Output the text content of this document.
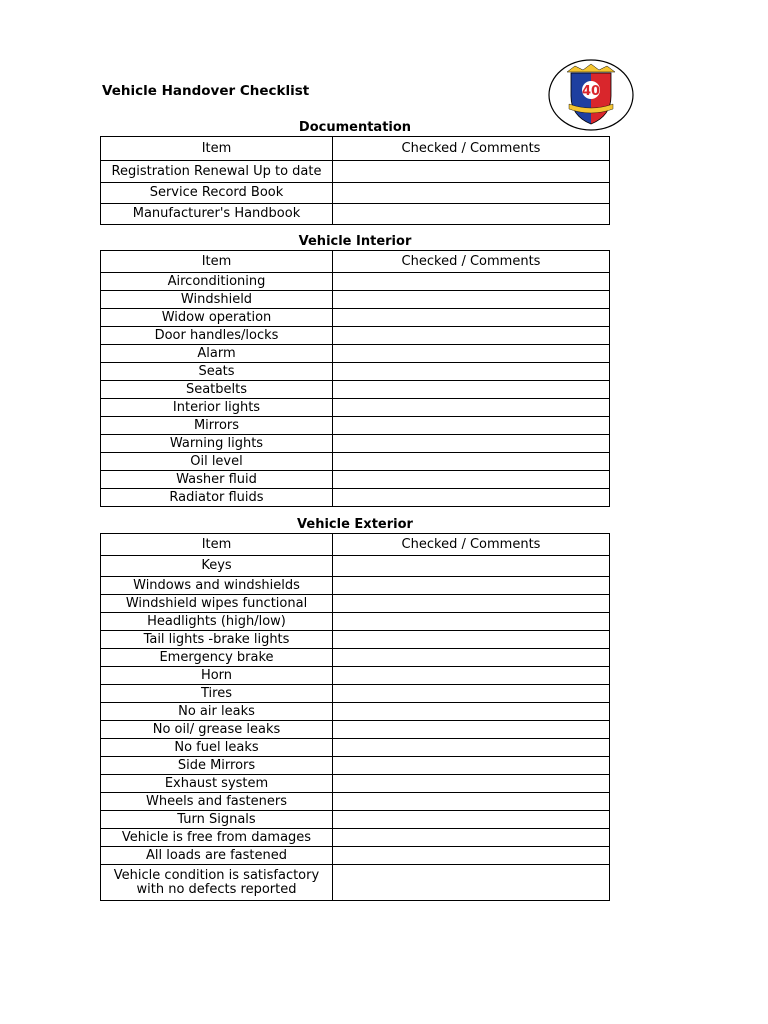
Vehicle Handover Checklist	40
Documentation
Item	Checked / Comments
Registration Renewal Up to date	
Service Record Book	
Manufacturer's Handbook	
Vehicle Interior
Item	Checked / Comments
Airconditioning	
Windshield	
Widow operation	
Door handles/locks	
Alarm	
Seats	
Seatbelts	
Interior lights	
Mirrors	
Warning lights	
Oil level	
Washer fluid	
Radiator fluids	
Vehicle Exterior
Item	Checked / Comments
Keys	
Windows and windshields	
Windshield wipes functional	
Headlights (high/low)	
Tail lights -brake lights	
Emergency brake	
Horn	
Tires	
No air leaks	
No oil/ grease leaks	
No fuel leaks	
Side Mirrors	
Exhaust system	
Wheels and fasteners	
Turn Signals	
Vehicle is free from damages	
All loads are fastened	
Vehicle condition is satisfactory
with no defects reported	
